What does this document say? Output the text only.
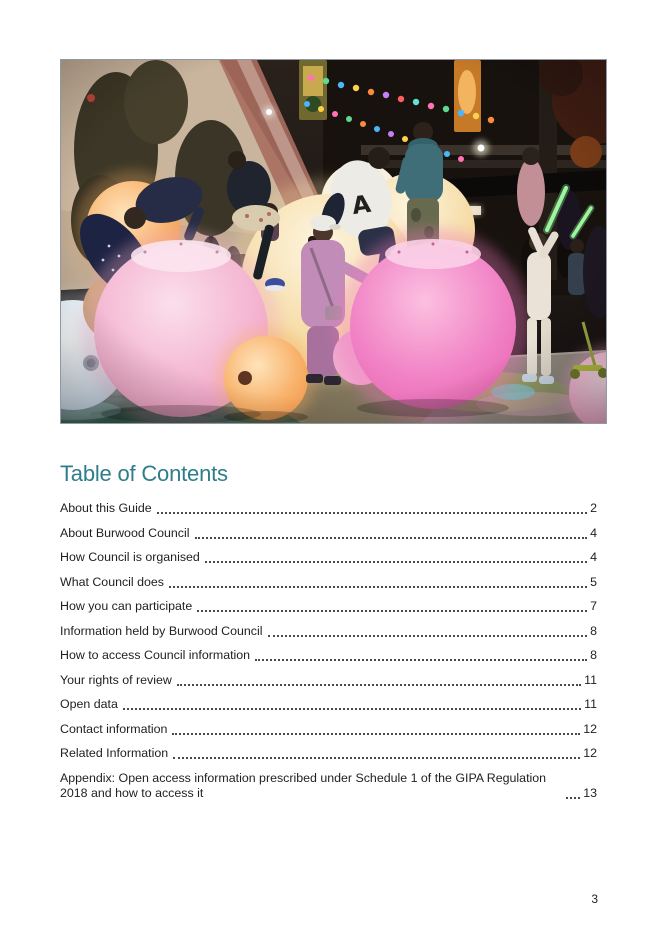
Table of Contents
About this Guide	2
About Burwood Council	4
How Council is organised	4
What Council does	5
How you can participate	7
Information held by Burwood Council	8
How to access Council information	8
Your rights of review	11
Open data	11
Contact information	12
Related Information	12
Appendix: Open access information prescribed under Schedule 1 of the GIPA Regulation 2018 and how to access it	13
3
